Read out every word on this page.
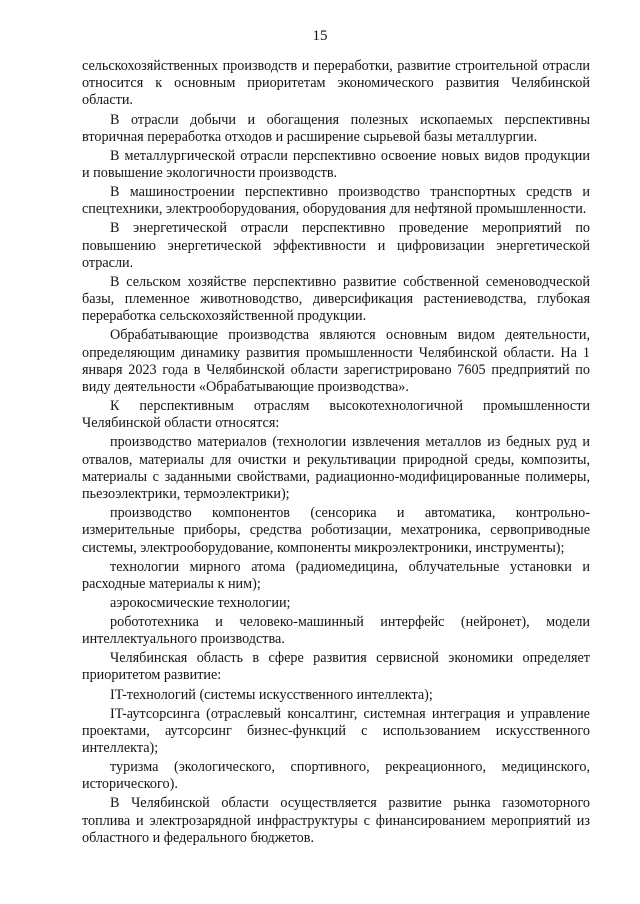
15

сельскохозяйственных производств и переработки, развитие строительной отрасли относится к основным приоритетам экономического развития Челябинской области.

В отрасли добычи и обогащения полезных ископаемых перспективны вторичная переработка отходов и расширение сырьевой базы металлургии.

В металлургической отрасли перспективно освоение новых видов продукции и повышение экологичности производств.

В машиностроении перспективно производство транспортных средств и спецтехники, электрооборудования, оборудования для нефтяной промышленности.

В энергетической отрасли перспективно проведение мероприятий по повышению энергетической эффективности и цифровизации энергетической отрасли.

В сельском хозяйстве перспективно развитие собственной семеноводческой базы, племенное животноводство, диверсификация растениеводства, глубокая переработка сельскохозяйственной продукции.

Обрабатывающие производства являются основным видом деятельности, определяющим динамику развития промышленности Челябинской области. На 1 января 2023 года в Челябинской области зарегистрировано 7605 предприятий по виду деятельности «Обрабатывающие производства».

К перспективным отраслям высокотехнологичной промышленности Челябинской области относятся:

производство материалов (технологии извлечения металлов из бедных руд и отвалов, материалы для очистки и рекультивации природной среды, композиты, материалы с заданными свойствами, радиационно-модифицированные полимеры, пьезоэлектрики, термоэлектрики);

производство компонентов (сенсорика и автоматика, контрольно-измерительные приборы, средства роботизации, мехатроника, сервоприводные системы, электрооборудование, компоненты микроэлектроники, инструменты);

технологии мирного атома (радиомедицина, облучательные установки и расходные материалы к ним);

аэрокосмические технологии;

робототехника и человеко-машинный интерфейс (нейронет), модели интеллектуального производства.

Челябинская область в сфере развития сервисной экономики определяет приоритетом развитие:

IT-технологий (системы искусственного интеллекта);

IT-аутсорсинга (отраслевый консалтинг, системная интеграция и управление проектами, аутсорсинг бизнес-функций с использованием искусственного интеллекта);

туризма (экологического, спортивного, рекреационного, медицинского, исторического).

В Челябинской области осуществляется развитие рынка газомоторного топлива и электрозарядной инфраструктуры с финансированием мероприятий из областного и федерального бюджетов.
